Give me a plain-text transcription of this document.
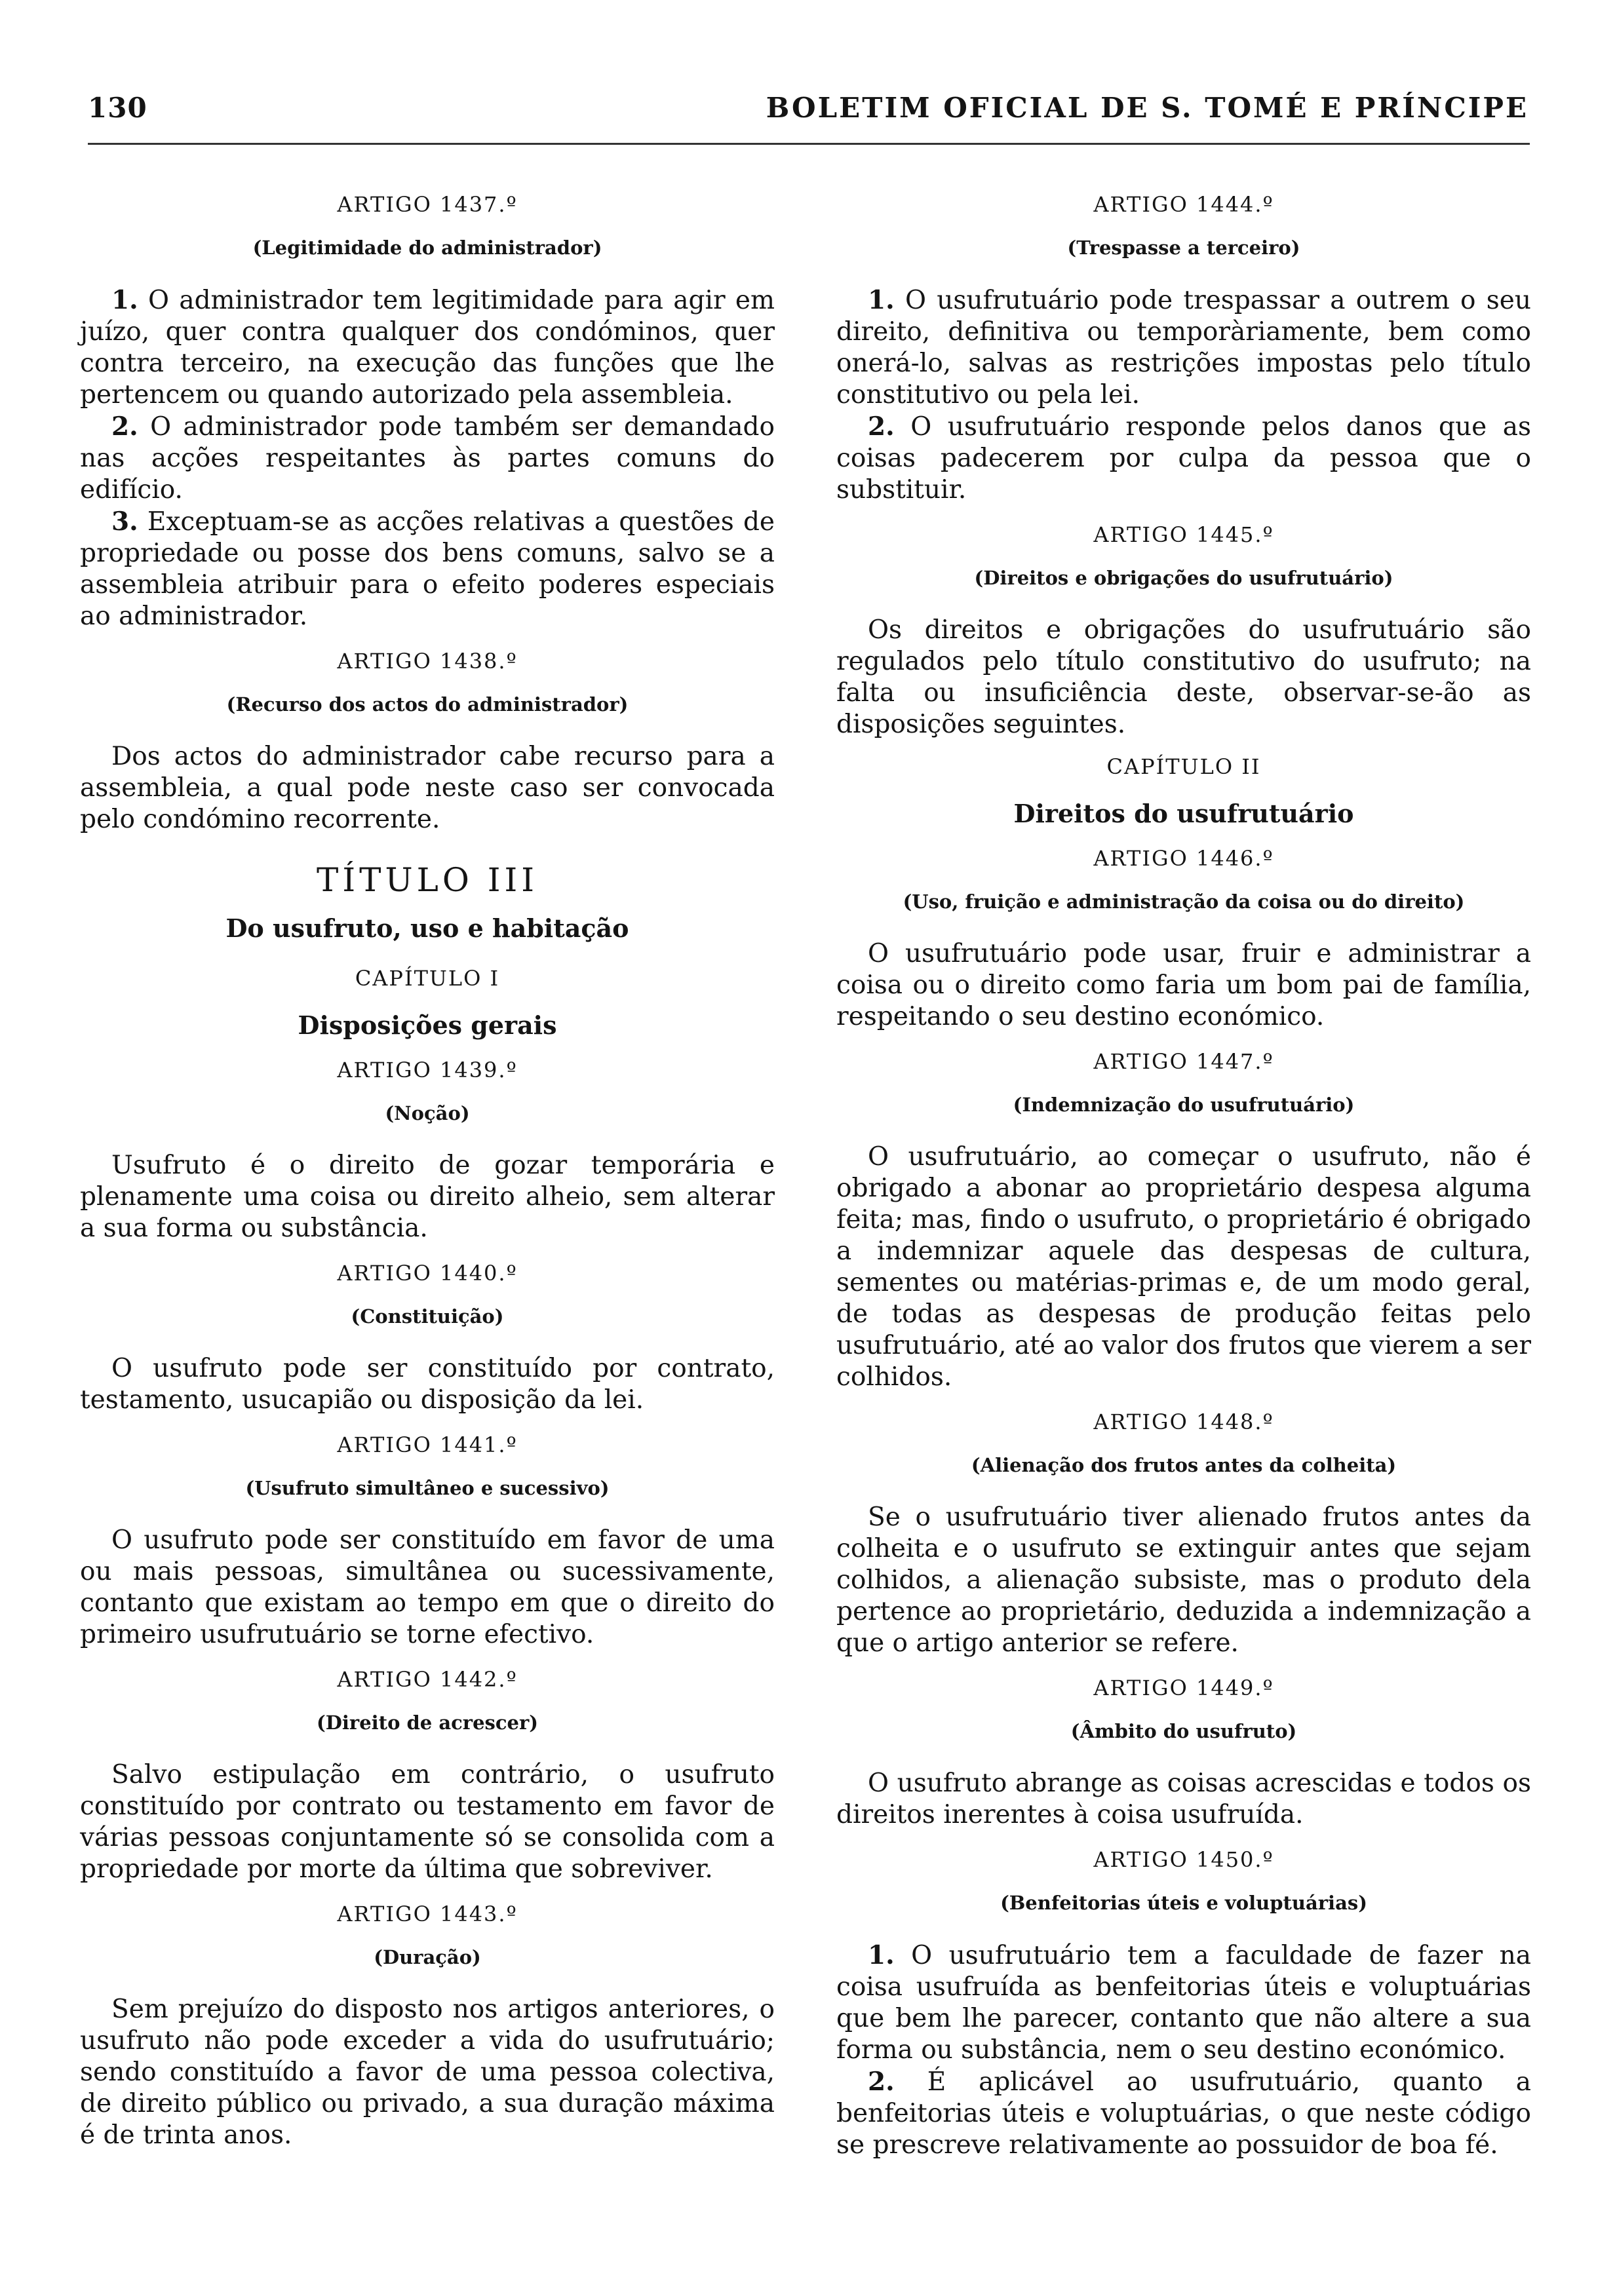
130	BOLETIM OFICIAL DE S. TOMÉ E PRÍNCIPE
ARTIGO 1437.º
(Legitimidade do administrador)

1. O administrador tem legitimidade para agir em juízo, quer contra qualquer dos condóminos, quer contra terceiro, na execução das funções que lhe pertencem ou quando autorizado pela assembleia.

2. O administrador pode também ser demandado nas acções respeitantes às partes comuns do edifício.

3. Exceptuam-se as acções relativas a questões de propriedade ou posse dos bens comuns, salvo se a assembleia atribuir para o efeito poderes especiais ao administrador.

ARTIGO 1438.º
(Recurso dos actos do administrador)

Dos actos do administrador cabe recurso para a assembleia, a qual pode neste caso ser convocada pelo condómino recorrente.

TÍTULO III
Do usufruto, uso e habitação
CAPÍTULO I
Disposições gerais
ARTIGO 1439.º
(Noção)

Usufruto é o direito de gozar temporária e plenamente uma coisa ou direito alheio, sem alterar a sua forma ou substância.

ARTIGO 1440.º
(Constituição)

O usufruto pode ser constituído por contrato, testamento, usucapião ou disposição da lei.

ARTIGO 1441.º
(Usufruto simultâneo e sucessivo)

O usufruto pode ser constituído em favor de uma ou mais pessoas, simultânea ou sucessivamente, contanto que existam ao tempo em que o direito do primeiro usufrutuário se torne efectivo.

ARTIGO 1442.º
(Direito de acrescer)

Salvo estipulação em contrário, o usufruto constituído por contrato ou testamento em favor de várias pessoas conjuntamente só se consolida com a propriedade por morte da última que sobreviver.

ARTIGO 1443.º
(Duração)

Sem prejuízo do disposto nos artigos anteriores, o usufruto não pode exceder a vida do usufrutuário; sendo constituído a favor de uma pessoa colectiva, de direito público ou privado, a sua duração máxima é de trinta anos.

ARTIGO 1444.º
(Trespasse a terceiro)

1. O usufrutuário pode trespassar a outrem o seu direito, definitiva ou temporàriamente, bem como onerá-lo, salvas as restrições impostas pelo título constitutivo ou pela lei.

2. O usufrutuário responde pelos danos que as coisas padecerem por culpa da pessoa que o substituir.

ARTIGO 1445.º
(Direitos e obrigações do usufrutuário)

Os direitos e obrigações do usufrutuário são regulados pelo título constitutivo do usufruto; na falta ou insuficiência deste, observar-se-ão as disposições seguintes.

CAPÍTULO II
Direitos do usufrutuário
ARTIGO 1446.º
(Uso, fruição e administração da coisa ou do direito)

O usufrutuário pode usar, fruir e administrar a coisa ou o direito como faria um bom pai de família, respeitando o seu destino económico.

ARTIGO 1447.º
(Indemnização do usufrutuário)

O usufrutuário, ao começar o usufruto, não é obrigado a abonar ao proprietário despesa alguma feita; mas, findo o usufruto, o proprietário é obrigado a indemnizar aquele das despesas de cultura, sementes ou matérias-primas e, de um modo geral, de todas as despesas de produção feitas pelo usufrutuário, até ao valor dos frutos que vierem a ser colhidos.

ARTIGO 1448.º
(Alienação dos frutos antes da colheita)

Se o usufrutuário tiver alienado frutos antes da colheita e o usufruto se extinguir antes que sejam colhidos, a alienação subsiste, mas o produto dela pertence ao proprietário, deduzida a indemnização a que o artigo anterior se refere.

ARTIGO 1449.º
(Âmbito do usufruto)

O usufruto abrange as coisas acrescidas e todos os direitos inerentes à coisa usufruída.

ARTIGO 1450.º
(Benfeitorias úteis e voluptuárias)

1. O usufrutuário tem a faculdade de fazer na coisa usufruída as benfeitorias úteis e voluptuárias que bem lhe parecer, contanto que não altere a sua forma ou substância, nem o seu destino económico.

2. É aplicável ao usufrutuário, quanto a benfeitorias úteis e voluptuárias, o que neste código se prescreve relativamente ao possuidor de boa fé.
